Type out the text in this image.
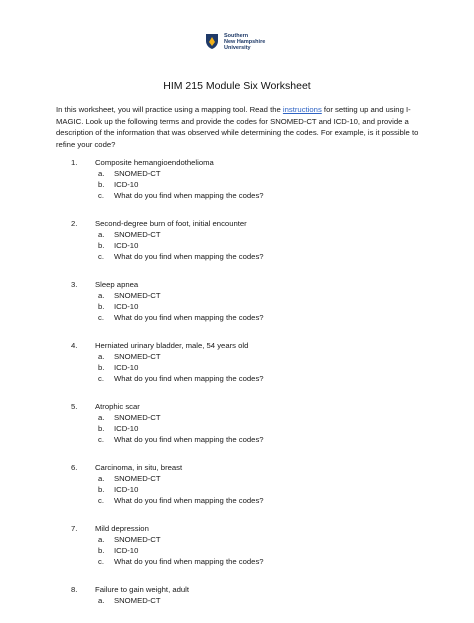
Southern
New Hampshire
University
HIM 215 Module Six Worksheet
In this worksheet, you will practice using a mapping tool. Read the instructions for setting up and using I-MAGIC. Look up the following terms and provide the codes for SNOMED-CT and ICD-10, and provide a description of the information that was observed while determining the codes. For example, is it possible to refine your code?
1.	Composite hemangioendothelioma
a.	SNOMED-CT
b.	ICD-10
c.	What do you find when mapping the codes?
2.	Second-degree burn of foot, initial encounter
a.	SNOMED-CT
b.	ICD-10
c.	What do you find when mapping the codes?
3.	Sleep apnea
a.	SNOMED-CT
b.	ICD-10
c.	What do you find when mapping the codes?
4.	Herniated urinary bladder, male, 54 years old
a.	SNOMED-CT
b.	ICD-10
c.	What do you find when mapping the codes?
5.	Atrophic scar
a.	SNOMED-CT
b.	ICD-10
c.	What do you find when mapping the codes?
6.	Carcinoma, in situ, breast
a.	SNOMED-CT
b.	ICD-10
c.	What do you find when mapping the codes?
7.	Mild depression
a.	SNOMED-CT
b.	ICD-10
c.	What do you find when mapping the codes?
8.	Failure to gain weight, adult
a.	SNOMED-CT
